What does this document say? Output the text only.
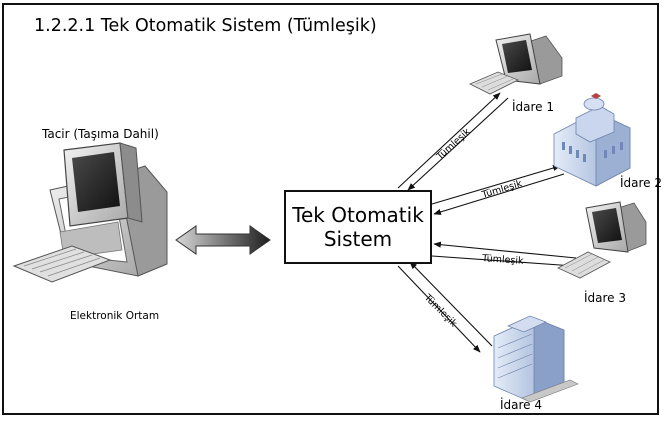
Tümleşik
Tümleşik
Tümleşik
Tümleşik
1.2.2.1 Tek Otomatik Sistem (Tümleşik)
Tacir (Taşıma Dahil)
Elektronik Ortam
Tek Otomatik
Sistem
İdare 1
İdare 2
İdare 3
İdare 4
